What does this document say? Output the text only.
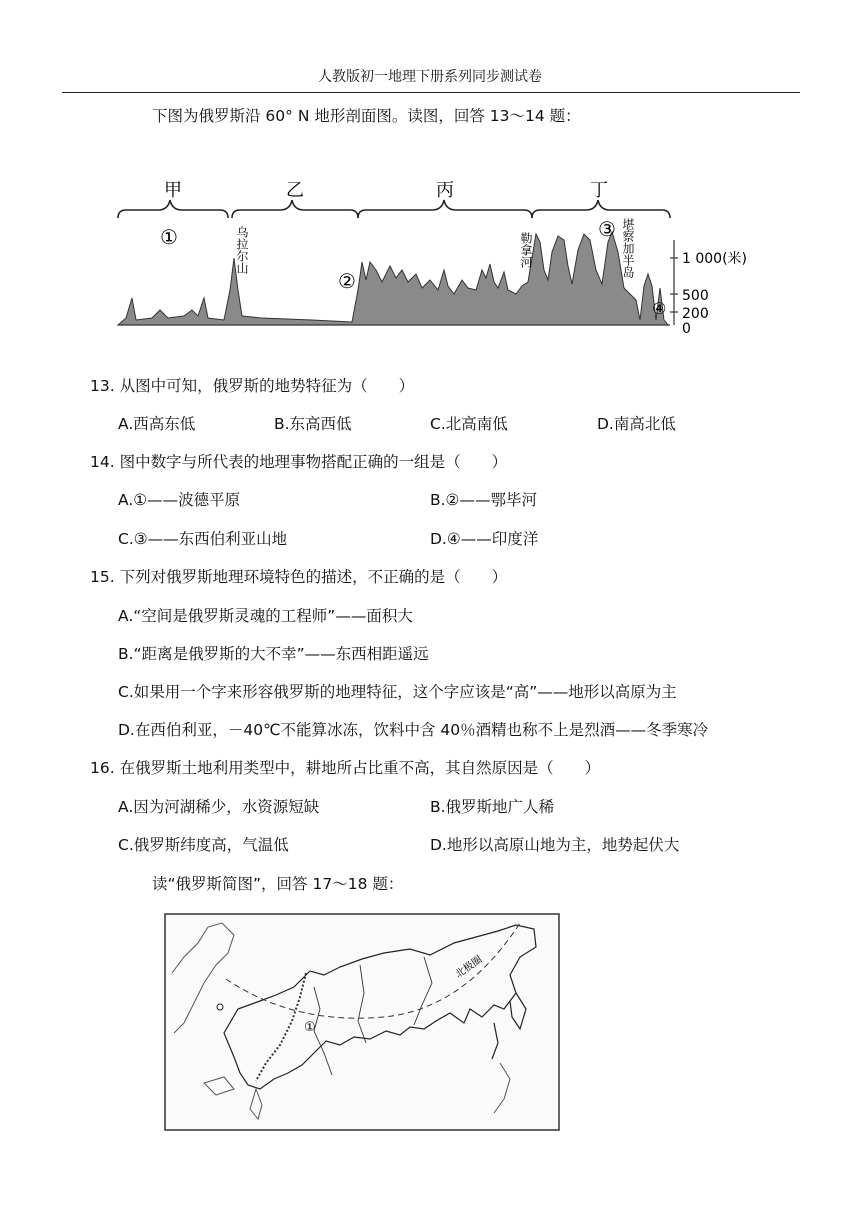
人教版初一地理下册系列同步测试卷
下图为俄罗斯沿 60° N 地形剖面图。读图，回答 13～14 题：
甲	乙	丙	丁
①
②
③
④
乌拉尔山	勒拿河	堪察加半岛	1 000(米)
500
200
0
13. 从图中可知，俄罗斯的地势特征为（　　）
A.西高东低	B.东高西低	C.北高南低	D.南高北低
14. 图中数字与所代表的地理事物搭配正确的一组是（　　）
A.①——波德平原	B.②——鄂毕河
C.③——东西伯利亚山地	D.④——印度洋
15. 下列对俄罗斯地理环境特色的描述，不正确的是（　　）
A.“空间是俄罗斯灵魂的工程师”——面积大
B.“距离是俄罗斯的大不幸”——东西相距遥远
C.如果用一个字来形容俄罗斯的地理特征，这个字应该是“高”——地形以高原为主
D.在西伯利亚，－40℃不能算冰冻，饮料中含 40％酒精也称不上是烈酒——冬季寒冷
16. 在俄罗斯土地利用类型中，耕地所占比重不高，其自然原因是（　　）
A.因为河湖稀少，水资源短缺	B.俄罗斯地广人稀
C.俄罗斯纬度高，气温低	D.地形以高原山地为主，地势起伏大
读“俄罗斯简图”，回答 17～18 题：
北极圈
①
